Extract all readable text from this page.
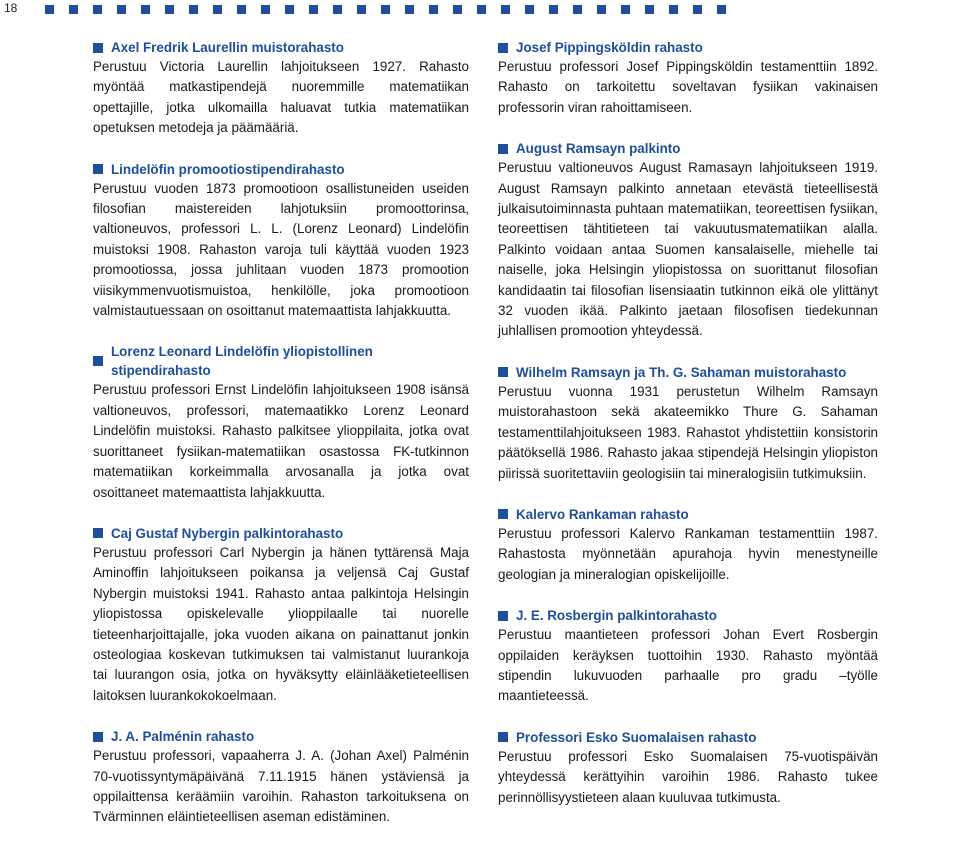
18
Axel Fredrik Laurellin muistorahasto
Perustuu Victoria Laurellin lahjoitukseen 1927. Rahasto myöntää matkastipendejä nuoremmille matematiikan opettajille, jotka ulkomailla haluavat tutkia matematiikan opetuksen metodeja ja päämääriä.
Lindelöfin promootiostipendirahasto
Perustuu vuoden 1873 promootioon osallistuneiden useiden filosofian maistereiden lahjotuksiin promoottorinsa, valtioneuvos, professori L. L. (Lorenz Leonard) Lindelöfin muistoksi 1908. Rahaston varoja tuli käyttää vuoden 1923 promootiossa, jossa juhlitaan vuoden 1873 promootion viisikymmenvuotismuistoa, henkilölle, joka promootioon valmistautuessaan on osoittanut matemaattista lahjakkuutta.
Lorenz Leonard Lindelöfin yliopistollinen stipendirahasto
Perustuu professori Ernst Lindelöfin lahjoitukseen 1908 isänsä valtioneuvos, professori, matemaatikko Lorenz Leonard Lindelöfin muistoksi. Rahasto palkitsee ylioppilaita, jotka ovat suorittaneet fysiikan-matematiikan osastossa FK-tutkinnon matematiikan korkeimmalla arvosanalla ja jotka ovat osoittaneet matemaattista lahjakkuutta.
Caj Gustaf Nybergin palkintorahasto
Perustuu professori Carl Nybergin ja hänen tyttärensä Maja Aminoffin lahjoitukseen poikansa ja veljensä Caj Gustaf Nybergin muistoksi 1941. Rahasto antaa palkintoja Helsingin yliopistossa opiskelevalle ylioppilaalle tai nuorelle tieteenharjoittajalle, joka vuoden aikana on painattanut jonkin osteologiaa koskevan tutkimuksen tai valmistanut luurankoja tai luurangon osia, jotka on hyväksytty eläinlääketieteellisen laitoksen luurankokokoelmaan.
J. A. Palménin rahasto
Perustuu professori, vapaaherra J. A. (Johan Axel) Palménin 70-vuotissyntymäpäivänä 7.11.1915 hänen ystäviensä ja oppilaittensa keräämiin varoihin. Rahaston tarkoituksena on Tvärminnen eläintieteellisen aseman edistäminen.
Josef Pippingsköldin rahasto
Perustuu professori Josef Pippingsköldin testamenttiin 1892. Rahasto on tarkoitettu soveltavan fysiikan vakinaisen professorin viran rahoittamiseen.
August Ramsayn palkinto
Perustuu valtioneuvos August Ramasayn lahjoitukseen 1919. August Ramsayn palkinto annetaan etevästä tieteellisestä julkaisutoiminnasta puhtaan matematiikan, teoreettisen fysiikan, teoreettisen tähtitieteen tai vakuutusmatematiikan alalla. Palkinto voidaan antaa Suomen kansalaiselle, miehelle tai naiselle, joka Helsingin yliopistossa on suorittanut filosofian kandidaatin tai filosofian lisensiaatin tutkinnon eikä ole ylittänyt 32 vuoden ikää. Palkinto jaetaan filosofisen tiedekunnan juhlallisen promootion yhteydessä.
Wilhelm Ramsayn ja Th. G. Sahaman muistorahasto
Perustuu vuonna 1931 perustetun Wilhelm Ramsayn muistorahastoon sekä akateemikko Thure G. Sahaman testamenttilahjoitukseen 1983. Rahastot yhdistettiin konsistorin päätöksellä 1986. Rahasto jakaa stipendejä Helsingin yliopiston piirissä suoritettaviin geologisiin tai mineralogisiin tutkimuksiin.
Kalervo Rankaman rahasto
Perustuu professori Kalervo Rankaman testamenttiin 1987. Rahastosta myönnetään apurahoja hyvin menestyneille geologian ja mineralogian opiskelijoille.
J. E. Rosbergin palkintorahasto
Perustuu maantieteen professori Johan Evert Rosbergin oppilaiden keräyksen tuottoihin 1930. Rahasto myöntää stipendin lukuvuoden parhaalle pro gradu –työlle maantieteessä.
Professori Esko Suomalaisen rahasto
Perustuu professori Esko Suomalaisen 75-vuotispäivän yhteydessä kerättyihin varoihin 1986. Rahasto tukee perinnöllisyystieteen alaan kuuluvaa tutkimusta.
